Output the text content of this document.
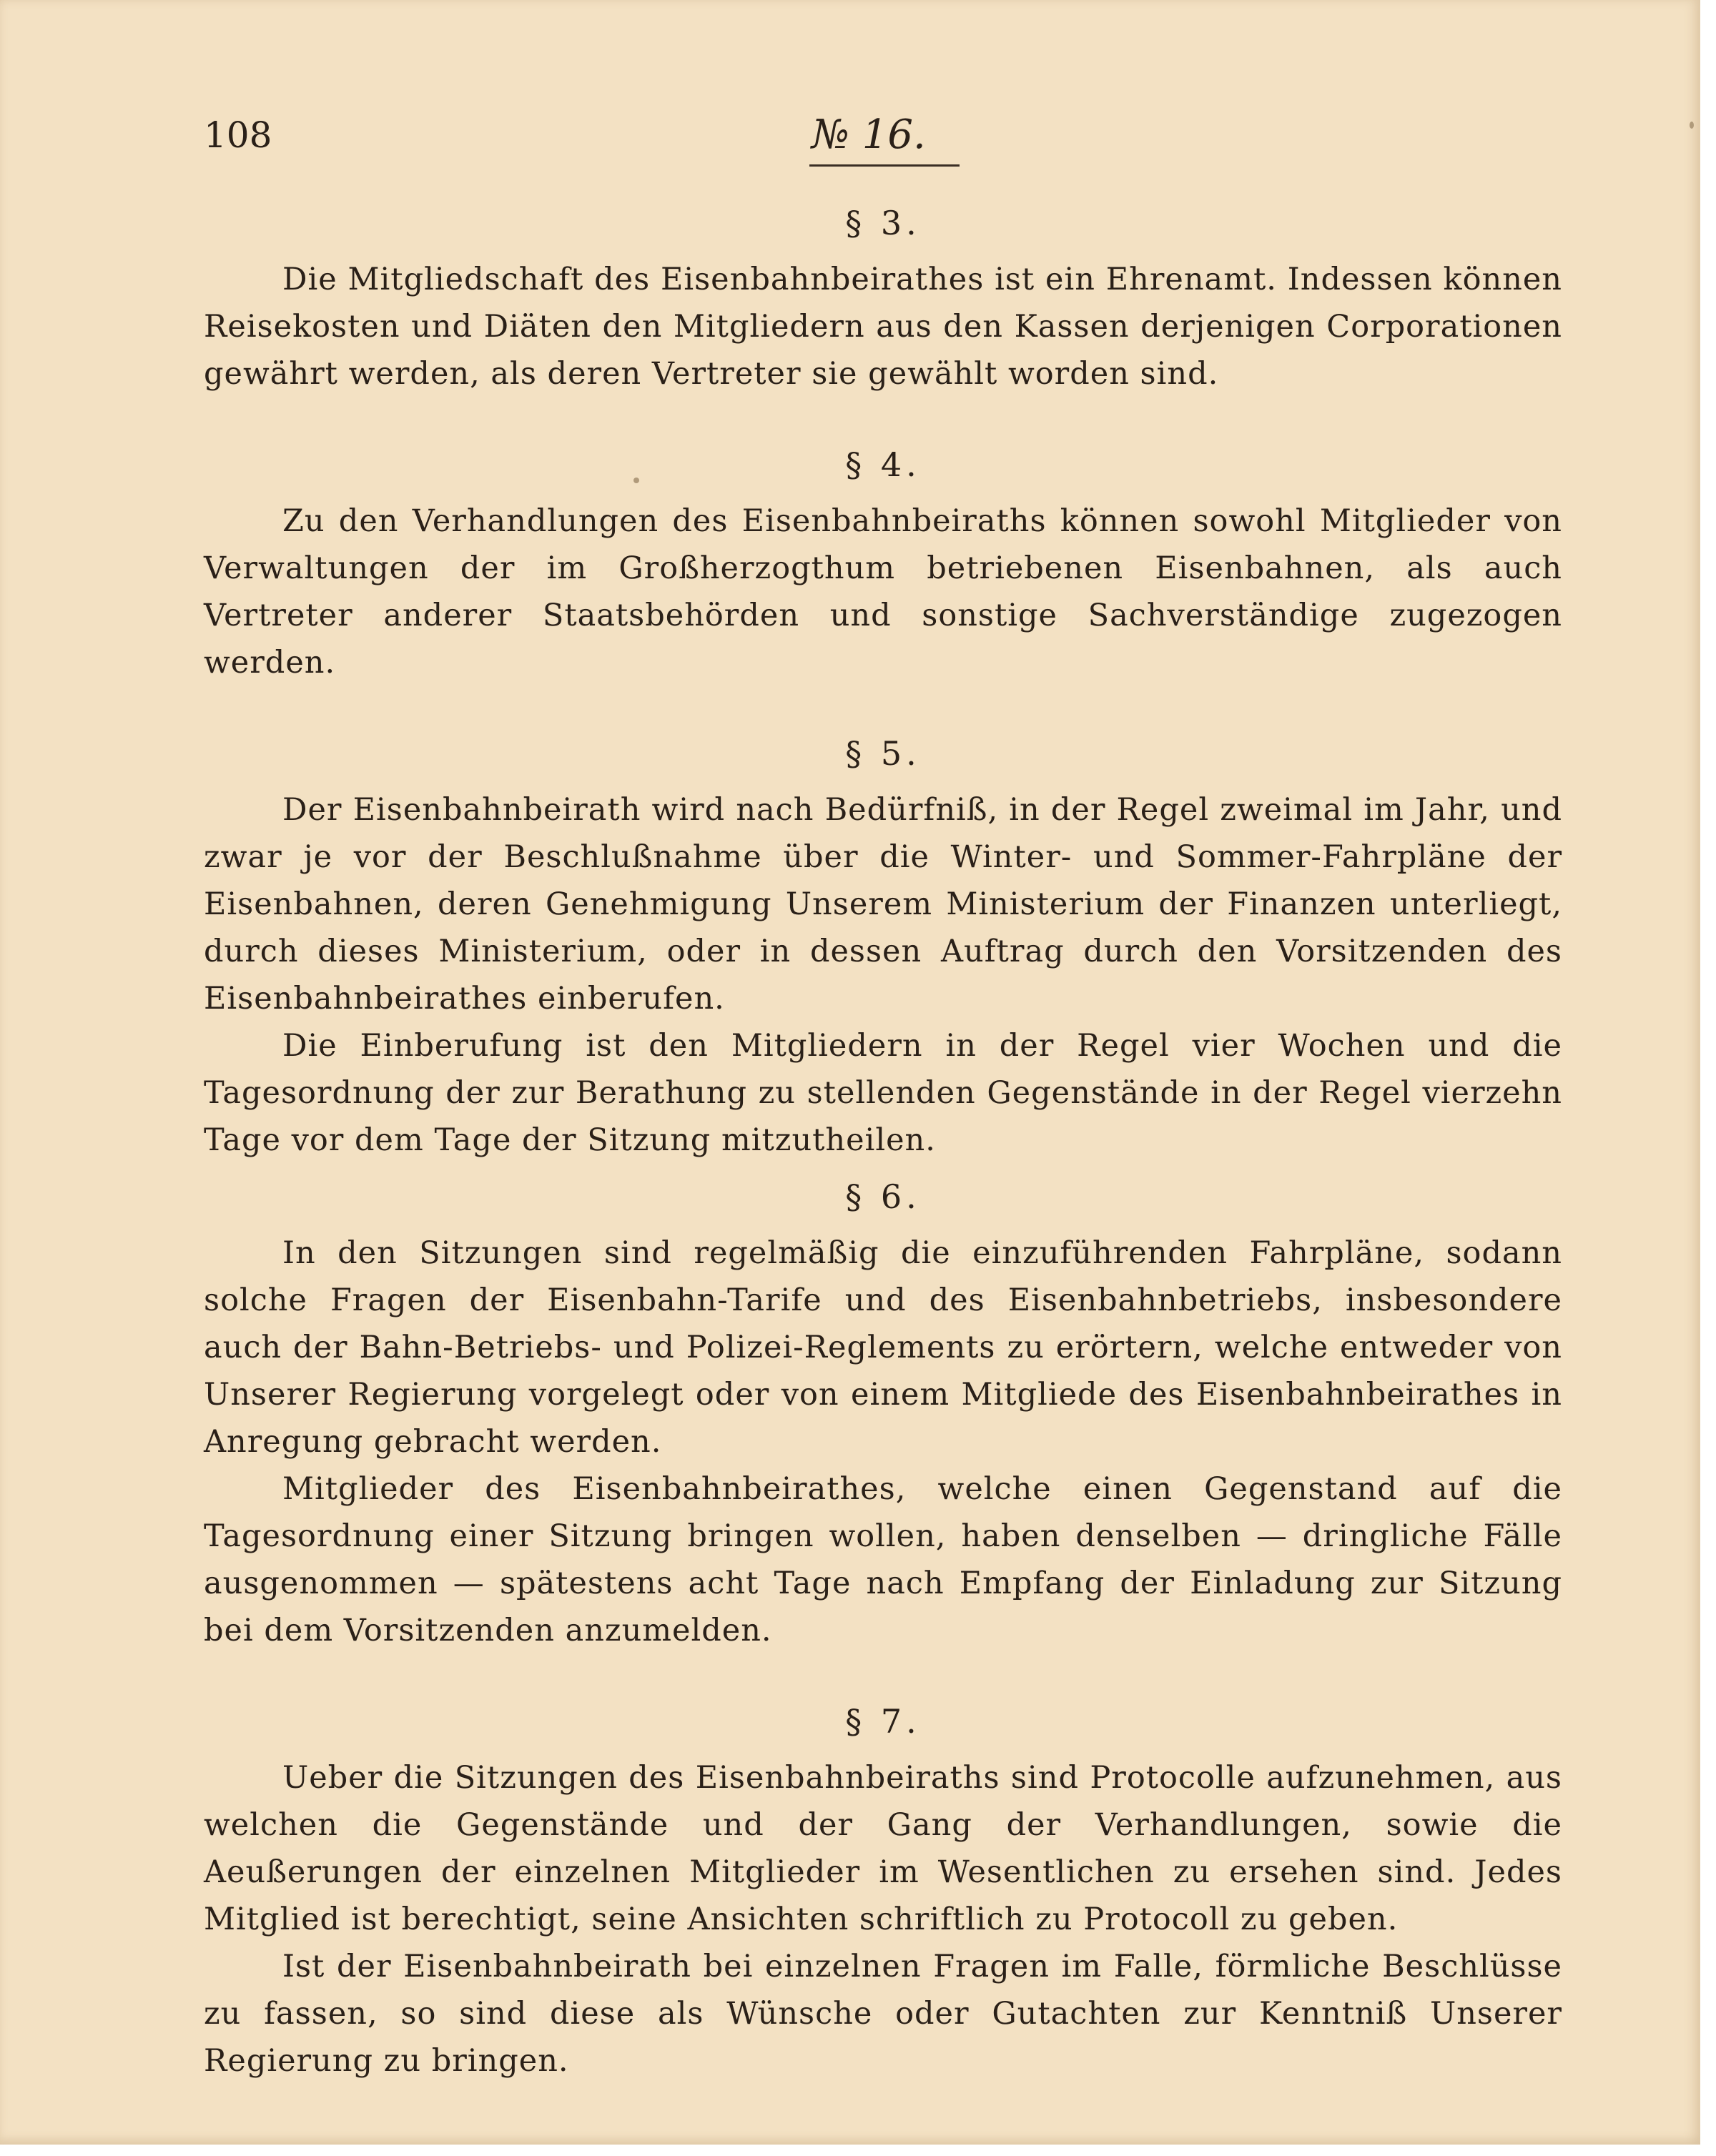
108	№ 16.

§ 3.

Die Mitgliedschaft des Eisenbahnbeirathes ist ein Ehrenamt. Indessen können Reisekosten und Diäten den Mitgliedern aus den Kassen derjenigen Corporationen gewährt werden, als deren Vertreter sie gewählt worden sind.

§ 4.

Zu den Verhandlungen des Eisenbahnbeiraths können sowohl Mitglieder von Verwaltungen der im Großherzogthum betriebenen Eisenbahnen, als auch Vertreter anderer Staatsbehörden und sonstige Sachverständige zugezogen werden.

§ 5.

Der Eisenbahnbeirath wird nach Bedürfniß, in der Regel zweimal im Jahr, und zwar je vor der Beschlußnahme über die Winter- und Sommer-Fahrpläne der Eisenbahnen, deren Genehmigung Unserem Ministerium der Finanzen unterliegt, durch dieses Ministerium, oder in dessen Auftrag durch den Vorsitzenden des Eisenbahnbeirathes einberufen.

Die Einberufung ist den Mitgliedern in der Regel vier Wochen und die Tagesordnung der zur Berathung zu stellenden Gegenstände in der Regel vierzehn Tage vor dem Tage der Sitzung mitzutheilen.

§ 6.

In den Sitzungen sind regelmäßig die einzuführenden Fahrpläne, sodann solche Fragen der Eisenbahn-Tarife und des Eisenbahnbetriebs, insbesondere auch der Bahn-Betriebs- und Polizei-Reglements zu erörtern, welche entweder von Unserer Regierung vorgelegt oder von einem Mitgliede des Eisenbahnbeirathes in Anregung gebracht werden.

Mitglieder des Eisenbahnbeirathes, welche einen Gegenstand auf die Tagesordnung einer Sitzung bringen wollen, haben denselben — dringliche Fälle ausgenommen — spätestens acht Tage nach Empfang der Einladung zur Sitzung bei dem Vorsitzenden anzumelden.

§ 7.

Ueber die Sitzungen des Eisenbahnbeiraths sind Protocolle aufzunehmen, aus welchen die Gegenstände und der Gang der Verhandlungen, sowie die Aeußerungen der einzelnen Mitglieder im Wesentlichen zu ersehen sind. Jedes Mitglied ist berechtigt, seine Ansichten schriftlich zu Protocoll zu geben.

Ist der Eisenbahnbeirath bei einzelnen Fragen im Falle, förmliche Beschlüsse zu fassen, so sind diese als Wünsche oder Gutachten zur Kenntniß Unserer Regierung zu bringen.
